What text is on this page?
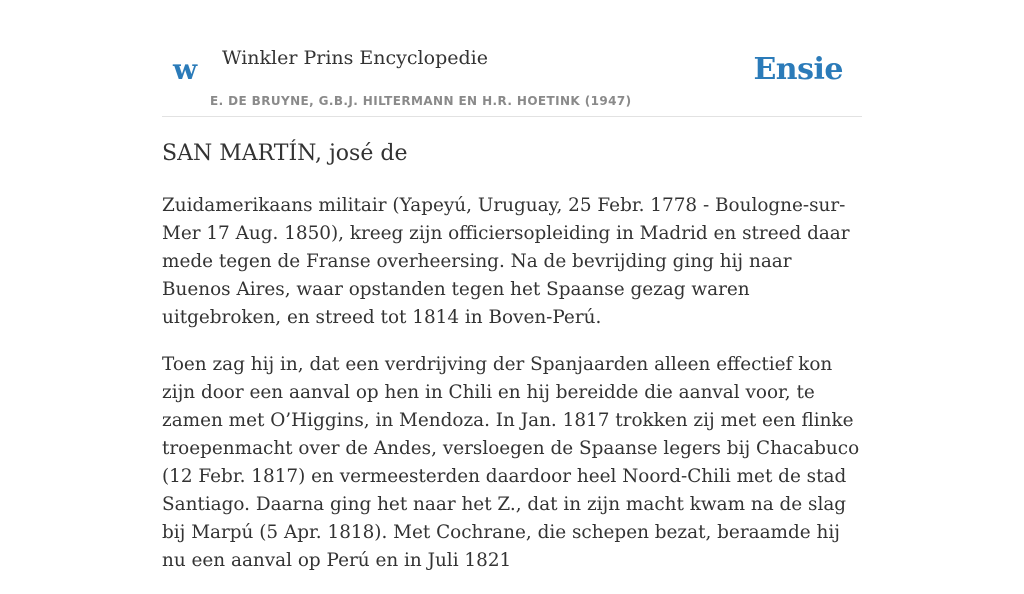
w Winkler Prins Encyclopedie
E. DE BRUYNE, G.B.J. HILTERMANN EN H.R. HOETINK (1947)
Ensie
SAN MARTÍN, josé de

Zuidamerikaans militair (Yapeyú, Uruguay, 25 Febr. 1778 - Boulogne-sur-Mer 17 Aug. 1850), kreeg zijn officiersopleiding in Madrid en streed daar mede tegen de Franse overheersing. Na de bevrijding ging hij naar Buenos Aires, waar opstanden tegen het Spaanse gezag waren uitgebroken, en streed tot 1814 in Boven-Perú.

Toen zag hij in, dat een verdrijving der Spanjaarden alleen effectief kon zijn door een aanval op hen in Chili en hij bereidde die aanval voor, te zamen met O’Higgins, in Mendoza. In Jan. 1817 trokken zij met een flinke troepenmacht over de Andes, versloegen de Spaanse legers bij Chacabuco (12 Febr. 1817) en vermeesterden daardoor heel Noord-Chili met de stad Santiago. Daarna ging het naar het Z., dat in zijn macht kwam na de slag bij Marpú (5 Apr. 1818). Met Cochrane, die schepen bezat, beraamde hij nu een aanval op Perú en in Juli 1821
